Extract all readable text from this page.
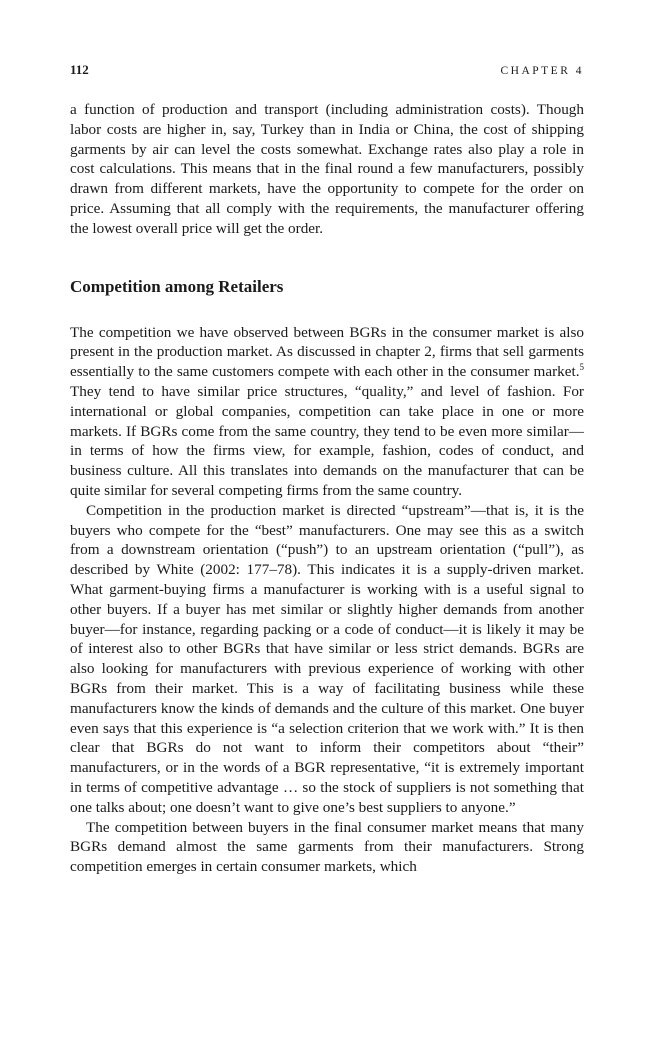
112	CHAPTER 4

a function of production and transport (including administration costs). Though labor costs are higher in, say, Turkey than in India or China, the cost of shipping garments by air can level the costs somewhat. Exchange rates also play a role in cost calculations. This means that in the final round a few manufacturers, possibly drawn from different markets, have the opportunity to compete for the order on price. Assuming that all comply with the requirements, the manufacturer offering the lowest overall price will get the order.

Competition among Retailers

The competition we have observed between BGRs in the consumer market is also present in the production market. As discussed in chapter 2, firms that sell garments essentially to the same customers compete with each other in the consumer market.$^5$ They tend to have similar price structures, “quality,” and level of fashion. For international or global companies, competition can take place in one or more markets. If BGRs come from the same country, they tend to be even more similar—in terms of how the firms view, for example, fashion, codes of conduct, and business culture. All this translates into demands on the manufacturer that can be quite similar for several competing firms from the same country.

Competition in the production market is directed “upstream”—that is, it is the buyers who compete for the “best” manufacturers. One may see this as a switch from a downstream orientation (“push”) to an upstream orientation (“pull”), as described by White (2002: 177–78). This indicates it is a supply-driven market. What garment-buying firms a manufacturer is working with is a useful signal to other buyers. If a buyer has met similar or slightly higher demands from another buyer—for instance, regarding packing or a code of conduct—it is likely it may be of interest also to other BGRs that have similar or less strict demands. BGRs are also looking for manufacturers with previous experience of working with other BGRs from their market. This is a way of facilitating business while these manufacturers know the kinds of demands and the culture of this market. One buyer even says that this experience is “a selection criterion that we work with.” It is then clear that BGRs do not want to inform their competitors about “their” manufacturers, or in the words of a BGR representative, “it is extremely important in terms of competitive advantage … so the stock of suppliers is not something that one talks about; one doesn’t want to give one’s best suppliers to anyone.”

The competition between buyers in the final consumer market means that many BGRs demand almost the same garments from their manufacturers. Strong competition emerges in certain consumer markets, which
